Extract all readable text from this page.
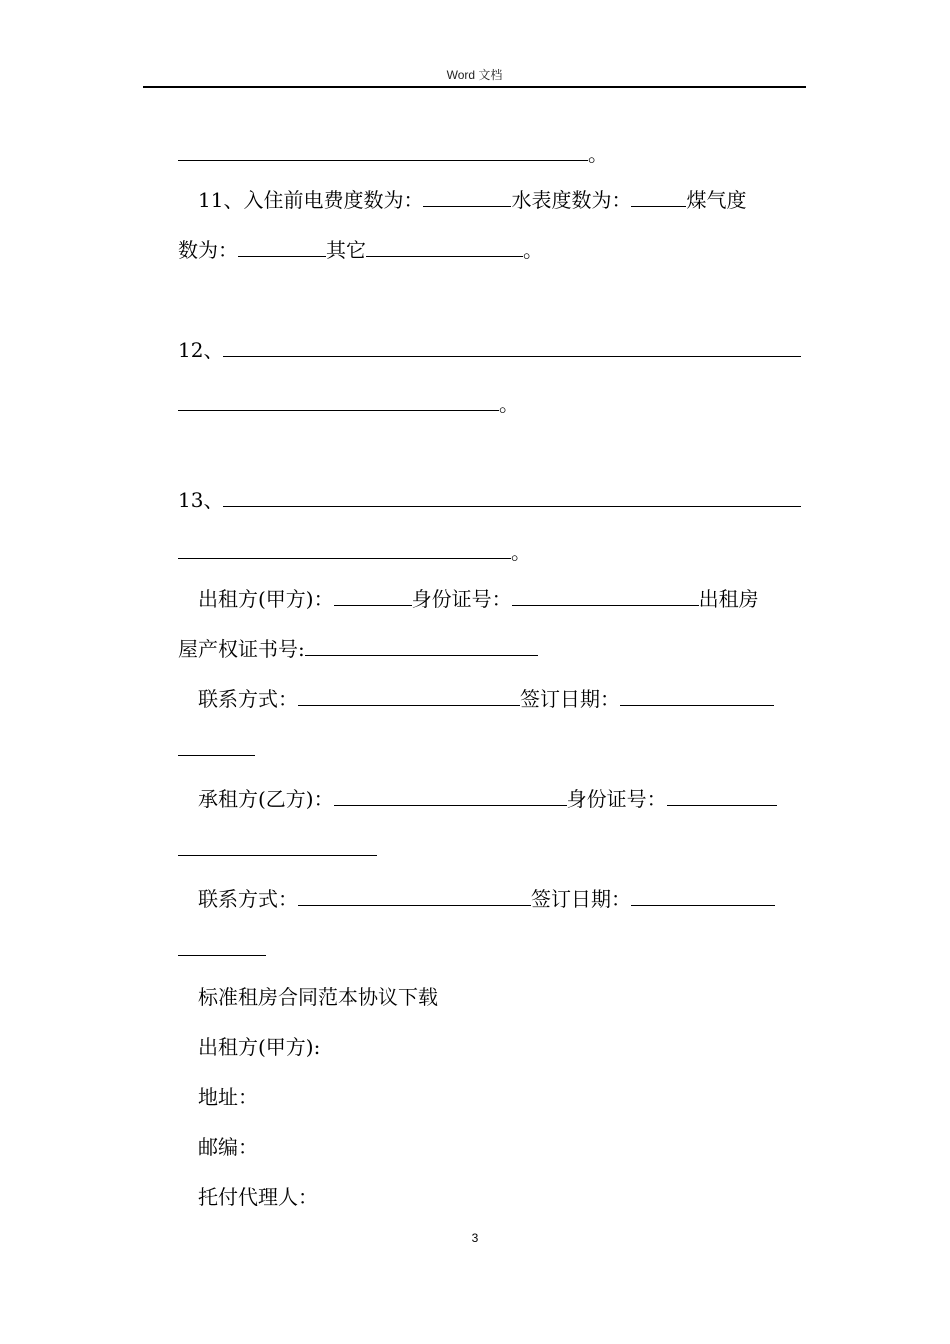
Word 文档
。
11、入住前电费度数为：	水表度数为：	煤气度
数为：	其它	。
12、
。
13、
。
出租方(甲方)：	身份证号：	出租房
屋产权证书号:
联系方式：	签订日期：
承租方(乙方)：	身份证号：
联系方式：	签订日期：
标准租房合同范本协议下载
出租方(甲方):
地址：
邮编：
托付代理人：
3
